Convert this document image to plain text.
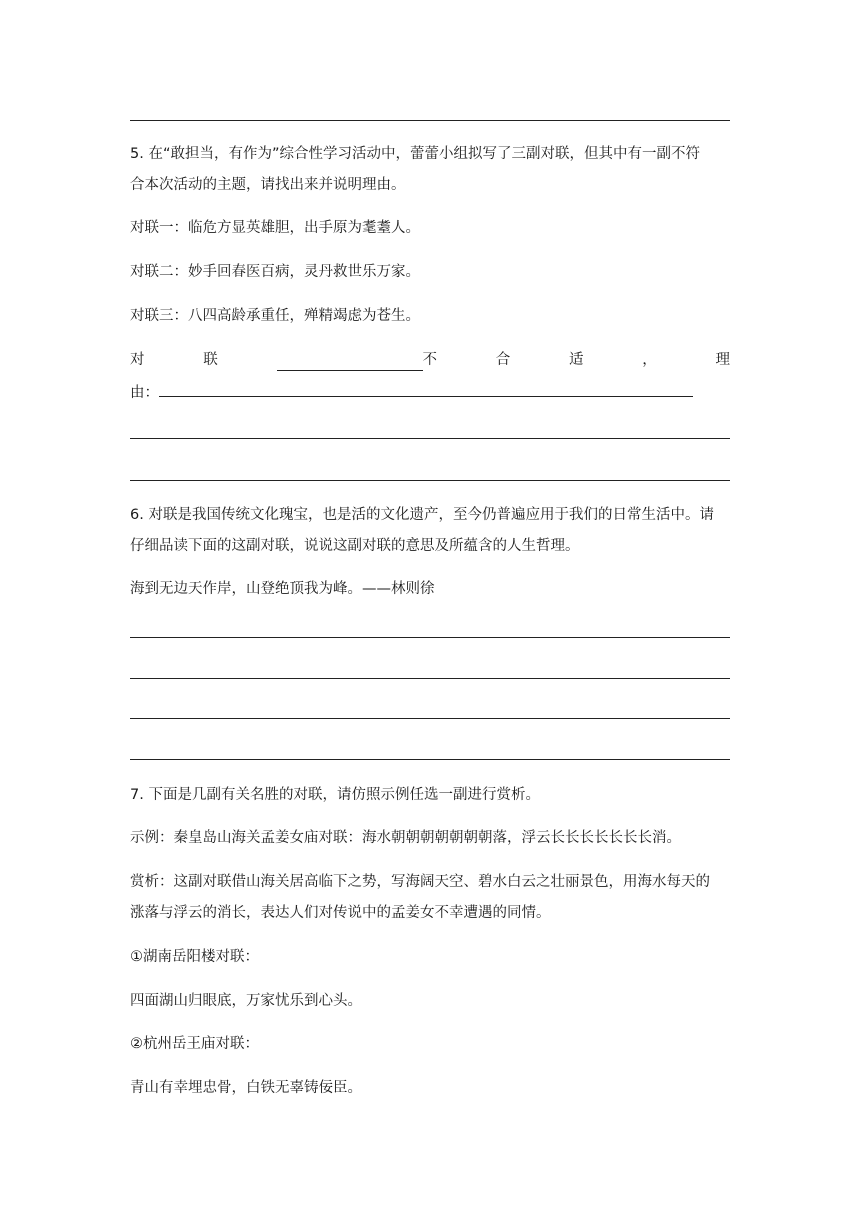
5. 在“敢担当，有作为”综合性学习活动中，蕾蕾小组拟写了三副对联，但其中有一副不符
合本次活动的主题，请找出来并说明理由。
对联一：临危方显英雄胆，出手原为耄耋人。
对联二：妙手回春医百病，灵丹救世乐万家。
对联三：八四高龄承重任，殚精竭虑为苍生。
对	联	不	合	适	，	理
由：
6. 对联是我国传统文化瑰宝，也是活的文化遗产，至今仍普遍应用于我们的日常生活中。请
仔细品读下面的这副对联，说说这副对联的意思及所蕴含的人生哲理。
海到无边天作岸，山登绝顶我为峰。——林则徐
7. 下面是几副有关名胜的对联，请仿照示例任选一副进行赏析。
示例：秦皇岛山海关孟姜女庙对联：海水朝朝朝朝朝朝朝落，浮云长长长长长长长消。
赏析：这副对联借山海关居高临下之势，写海阔天空、碧水白云之壮丽景色，用海水每天的
涨落与浮云的消长，表达人们对传说中的孟姜女不幸遭遇的同情。
①湖南岳阳楼对联：
四面湖山归眼底，万家忧乐到心头。
②杭州岳王庙对联：
青山有幸埋忠骨，白铁无辜铸佞臣。
